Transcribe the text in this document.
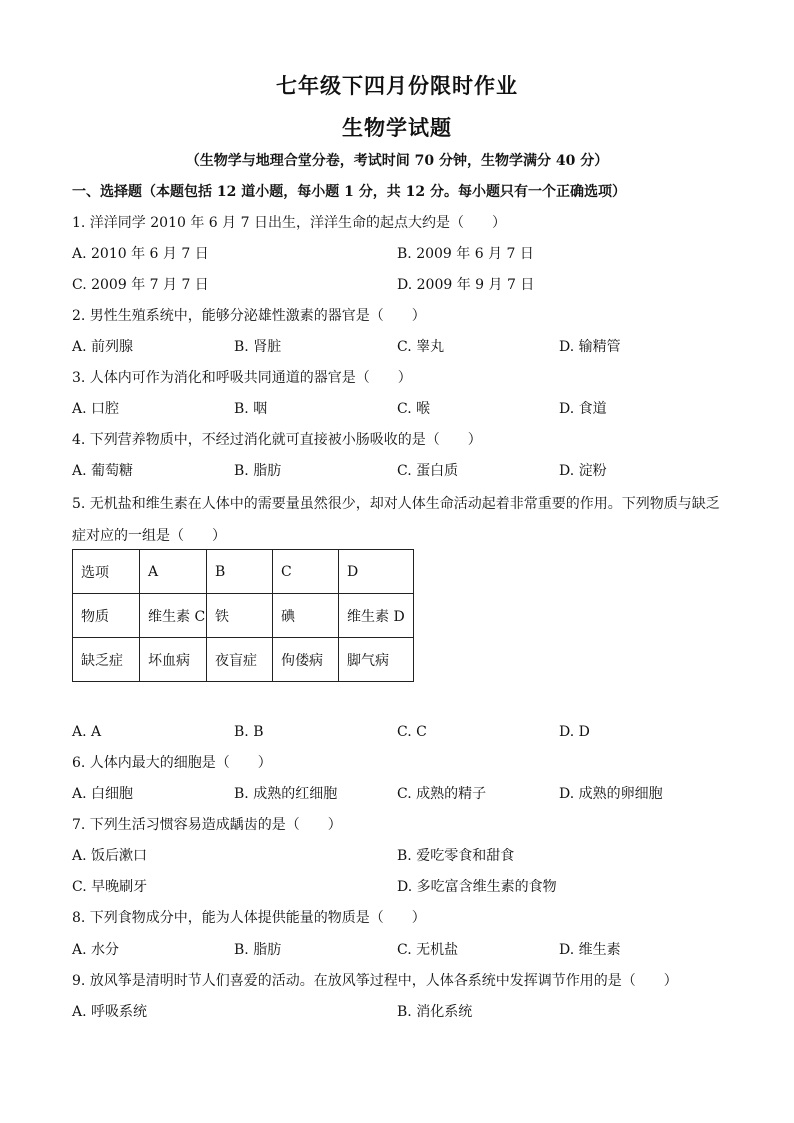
七年级下四月份限时作业
生物学试题
（生物学与地理合堂分卷，考试时间 70 分钟，生物学满分 40 分）
一、选择题（本题包括 12 道小题，每小题 1 分，共 12 分。每小题只有一个正确选项）
1. 洋洋同学 2010 年 6 月 7 日出生，洋洋生命的起点大约是（　　）
A. 2010 年 6 月 7 日	B. 2009 年 6 月 7 日
C. 2009 年 7 月 7 日	D. 2009 年 9 月 7 日
2. 男性生殖系统中，能够分泌雄性激素的器官是（　　）
A. 前列腺	B. 肾脏	C. 睾丸	D. 输精管
3. 人体内可作为消化和呼吸共同通道的器官是（　　）
A. 口腔	B. 咽	C. 喉	D. 食道
4. 下列营养物质中，不经过消化就可直接被小肠吸收的是（　　）
A. 葡萄糖	B. 脂肪	C. 蛋白质	D. 淀粉
5. 无机盐和维生素在人体中的需要量虽然很少，却对人体生命活动起着非常重要的作用。下列物质与缺乏症对应的一组是（　　）
选项	A	B	C	D
物质	维生素 C	铁	碘	维生素 D
缺乏症	坏血病	夜盲症	佝偻病	脚气病
A. A	B. B	C. C	D. D
6. 人体内最大的细胞是（　　）
A. 白细胞	B. 成熟的红细胞	C. 成熟的精子	D. 成熟的卵细胞
7. 下列生活习惯容易造成龋齿的是（　　）
A. 饭后漱口	B. 爱吃零食和甜食
C. 早晚刷牙	D. 多吃富含维生素的食物
8. 下列食物成分中，能为人体提供能量的物质是（　　）
A. 水分	B. 脂肪	C. 无机盐	D. 维生素
9. 放风筝是清明时节人们喜爱的活动。在放风筝过程中，人体各系统中发挥调节作用的是（　　）
A. 呼吸系统	B. 消化系统
